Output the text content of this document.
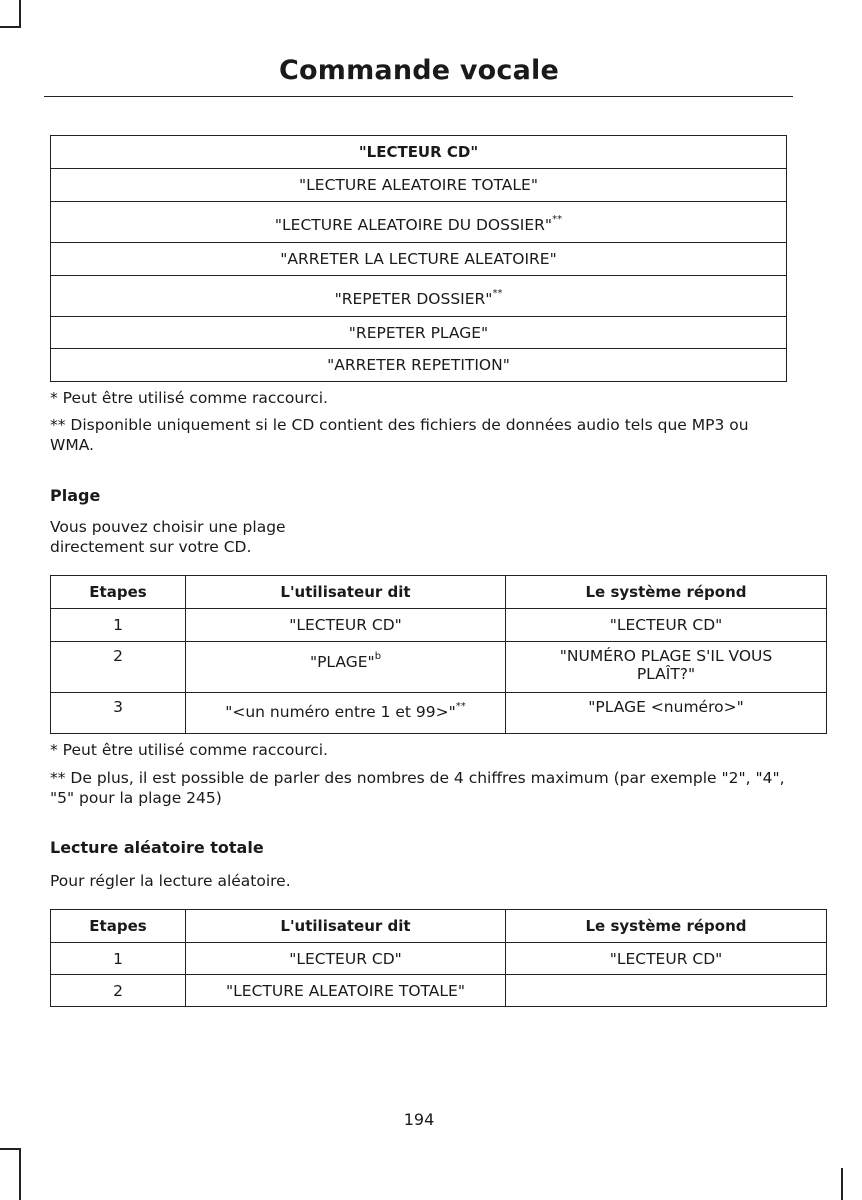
Commande vocale
"LECTEUR CD"
"LECTURE ALEATOIRE TOTALE"
"LECTURE ALEATOIRE DU DOSSIER"**
"ARRETER LA LECTURE ALEATOIRE"
"REPETER DOSSIER"**
"REPETER PLAGE"
"ARRETER REPETITION"

* Peut être utilisé comme raccourci.

** Disponible uniquement si le CD contient des fichiers de données audio tels que MP3 ou WMA.

Plage

Vous pouvez choisir une plage directement sur votre CD.

Etapes	L'utilisateur dit	Le système répond
1	"LECTEUR CD"	"LECTEUR CD"
2	"PLAGE"$^b$	"NUMÉRO PLAGE S'IL VOUS PLAÎT?"
3	"<un numéro entre 1 et 99>"**	"PLAGE <numéro>"

* Peut être utilisé comme raccourci.

** De plus, il est possible de parler des nombres de 4 chiffres maximum (par exemple "2", "4", "5" pour la plage 245)

Lecture aléatoire totale

Pour régler la lecture aléatoire.

Etapes	L'utilisateur dit	Le système répond
1	"LECTEUR CD"	"LECTEUR CD"
2	"LECTURE ALEATOIRE TOTALE"	
194
